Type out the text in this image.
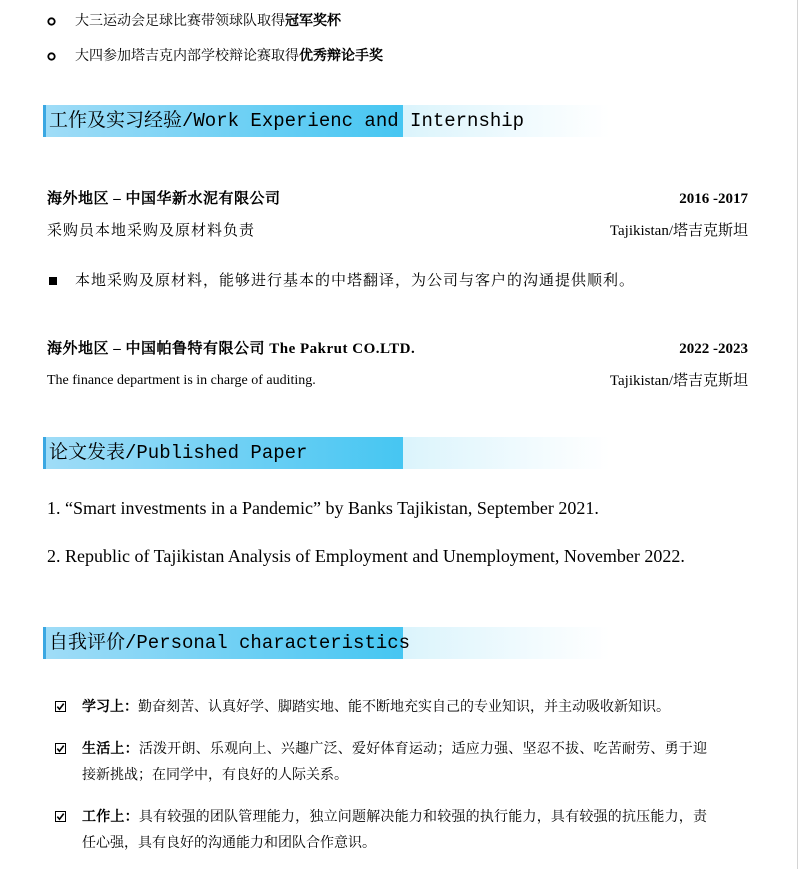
大三运动会足球比赛带领球队取得冠军奖杯
大四参加塔吉克内部学校辩论赛取得优秀辩论手奖
工作及实习经验/Work Experienc and Internship
海外地区 – 中国华新水泥有限公司	2016 -2017
采购员本地采购及原材料负责	Tajikistan/塔吉克斯坦
本地采购及原材料，能够进行基本的中塔翻译，为公司与客户的沟通提供顺利。
海外地区 – 中国帕鲁特有限公司 The Pakrut CO.LTD.	2022 -2023
The finance department is in charge of auditing.	Tajikistan/塔吉克斯坦
论文发表/Published Paper
1. “Smart investments in a Pandemic” by Banks Tajikistan, September 2021.
2. Republic of Tajikistan Analysis of Employment and Unemployment, November 2022.
自我评价/Personal characteristics
学习上：勤奋刻苦、认真好学、脚踏实地、能不断地充实自己的专业知识，并主动吸收新知识。
生活上：活泼开朗、乐观向上、兴趣广泛、爱好体育运动；适应力强、坚忍不拔、吃苦耐劳、勇于迎接新挑战；在同学中，有良好的人际关系。
工作上：具有较强的团队管理能力，独立问题解决能力和较强的执行能力，具有较强的抗压能力，责任心强，具有良好的沟通能力和团队合作意识。
